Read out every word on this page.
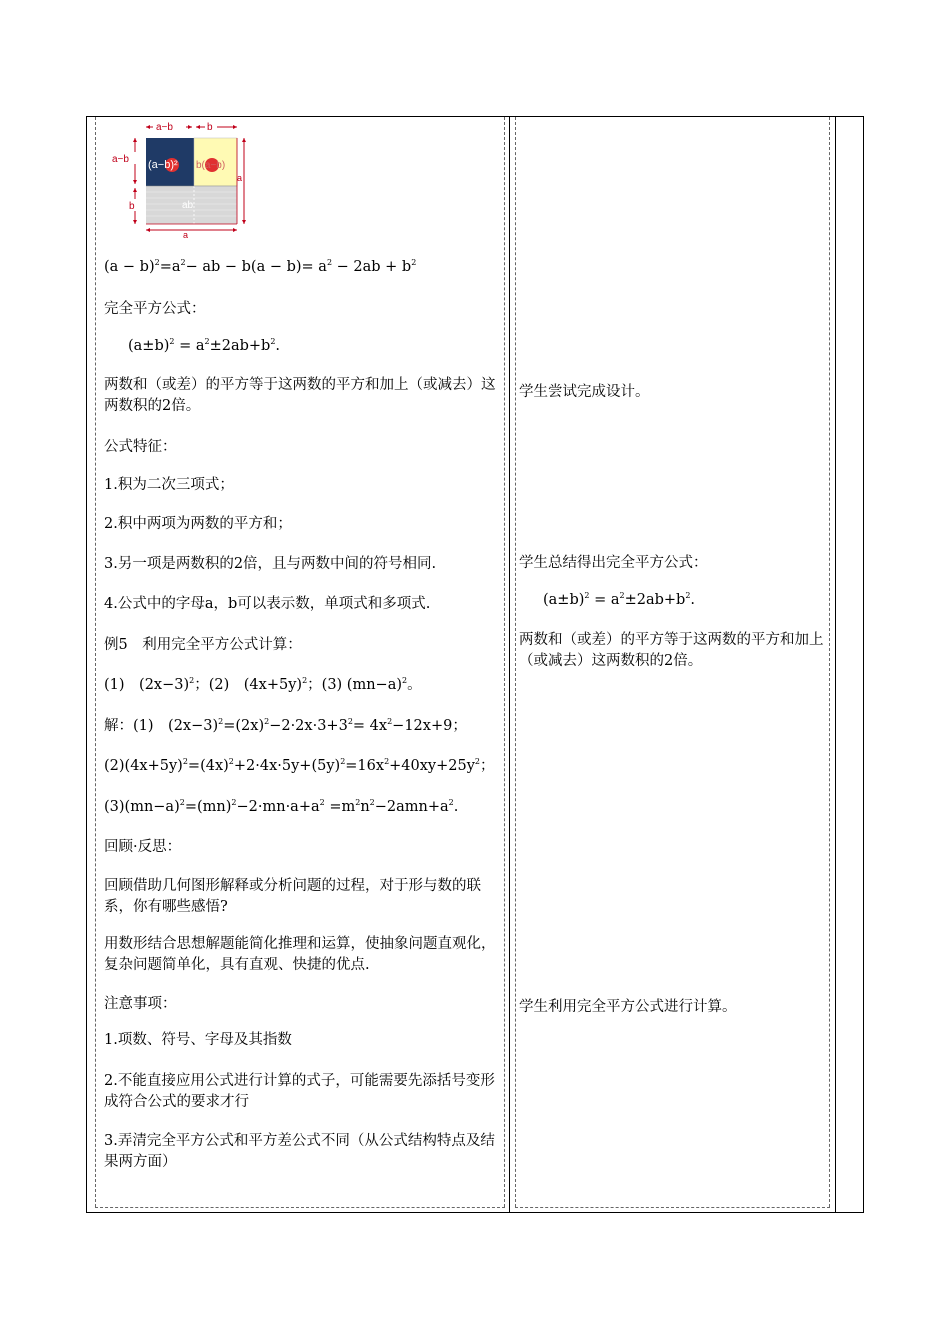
a−b	b
a−b
b
a
a
(a−b)² b(a−b)
ab
$(a - b)^2=a^2-$ ab − $b(a - b)= a^2 - 2ab + b^2$
完全平方公式：
$(a\pm b)^2 = a^2\pm 2ab+b^2$.
两数和（或差）的平方等于这两数的平方和加上（或减去）这两数积的2倍。
公式特征：
1.积为二次三项式；
2.积中两项为两数的平方和；
3.另一项是两数积的2倍，且与两数中间的符号相同.
4.公式中的字母a，b可以表示数，单项式和多项式.
例5　利用完全平方公式计算：
(1)　$(2x-3)^2$；(2)　$(4x+5y)^2$；(3) $(mn-a)^2$。
解：(1)　$(2x-3)^2=(2x)^2-2\cdot 2x\cdot 3+3^2= 4x^2-12x+9$；
$(2)(4x+5y)^2=(4x)^2+2\cdot 4x\cdot 5y+(5y)^2=16x^2+40xy+25y^2$；
$(3)(mn-a)^2=(mn)^2-2\cdot mn\cdot a+a^2 =m^2n^2-2amn+a^2$.
回顾·反思：
回顾借助几何图形解释或分析问题的过程，对于形与数的联系，你有哪些感悟?
用数形结合思想解题能简化推理和运算，使抽象问题直观化，复杂问题简单化，具有直观、快捷的优点.
注意事项：
1.项数、符号、字母及其指数
2.不能直接应用公式进行计算的式子，可能需要先添括号变形成符合公式的要求才行
3.弄清完全平方公式和平方差公式不同（从公式结构特点及结果两方面）
学生尝试完成设计。
学生总结得出完全平方公式：
$(a\pm b)^2 = a^2\pm 2ab+b^2$.
两数和（或差）的平方等于这两数的平方和加上（或减去）这两数积的2倍。
学生利用完全平方公式进行计算。
